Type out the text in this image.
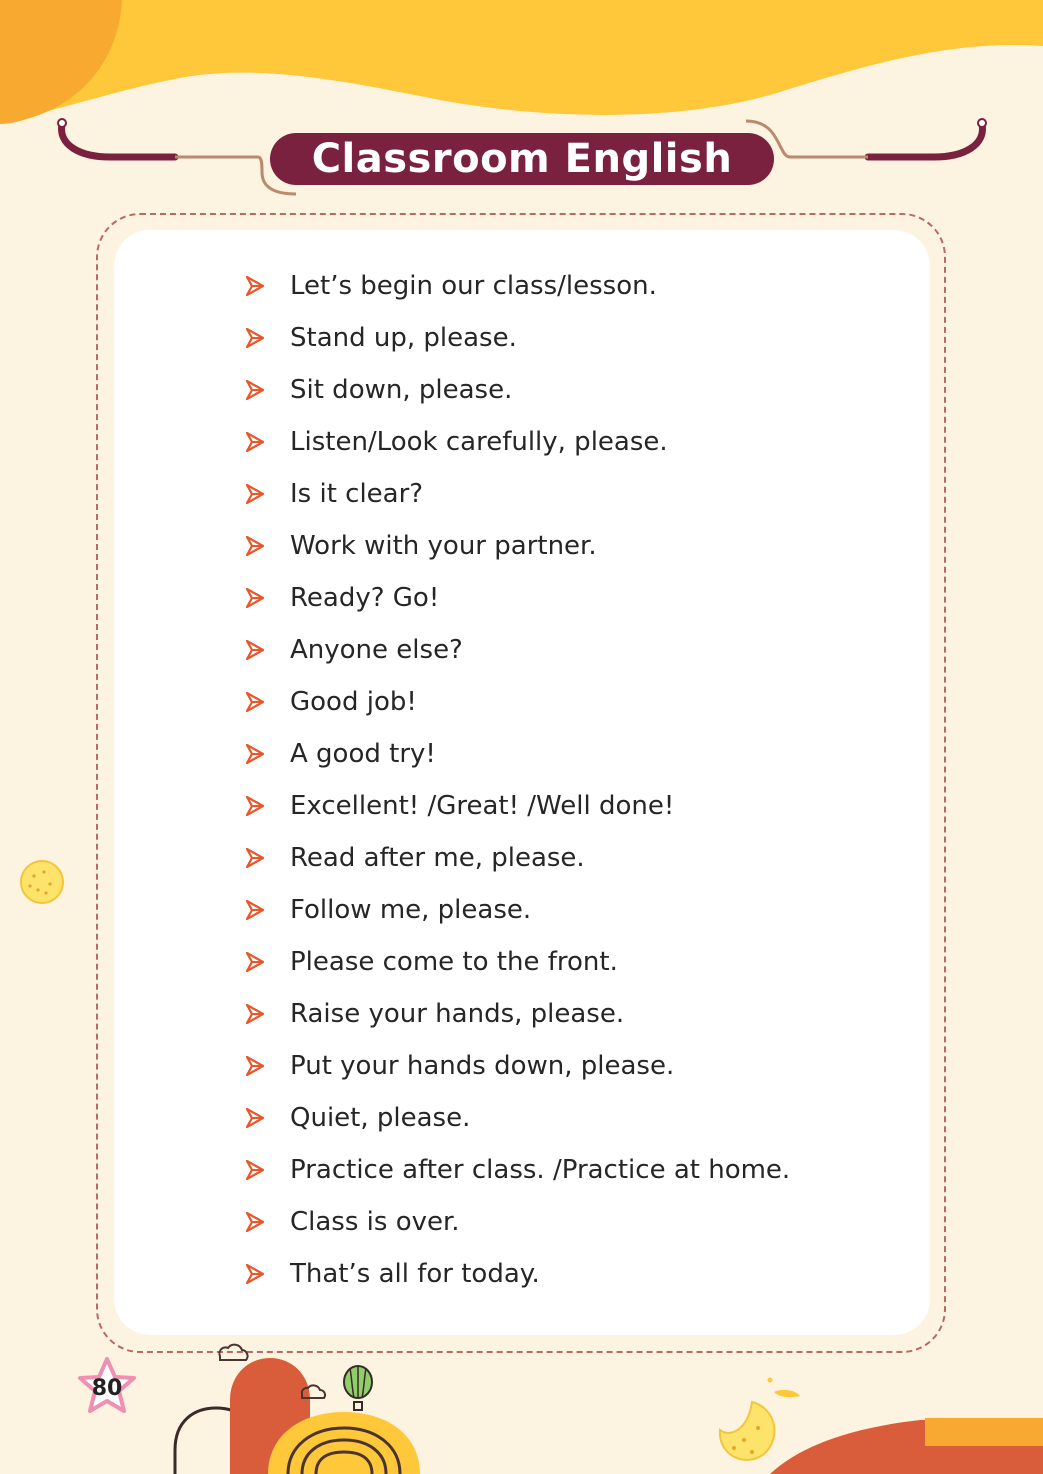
Classroom English
Let’s begin our class/lesson.
Stand up, please.
Sit down, please.
Listen/Look carefully, please.
Is it clear?
Work with your partner.
Ready? Go!
Anyone else?
Good job!
A good try!
Excellent! /Great! /Well done!
Read after me, please.
Follow me, please.
Please come to the front.
Raise your hands, please.
Put your hands down, please.
Quiet, please.
Practice after class. /Practice at home.
Class is over.
That’s all for today.
80
